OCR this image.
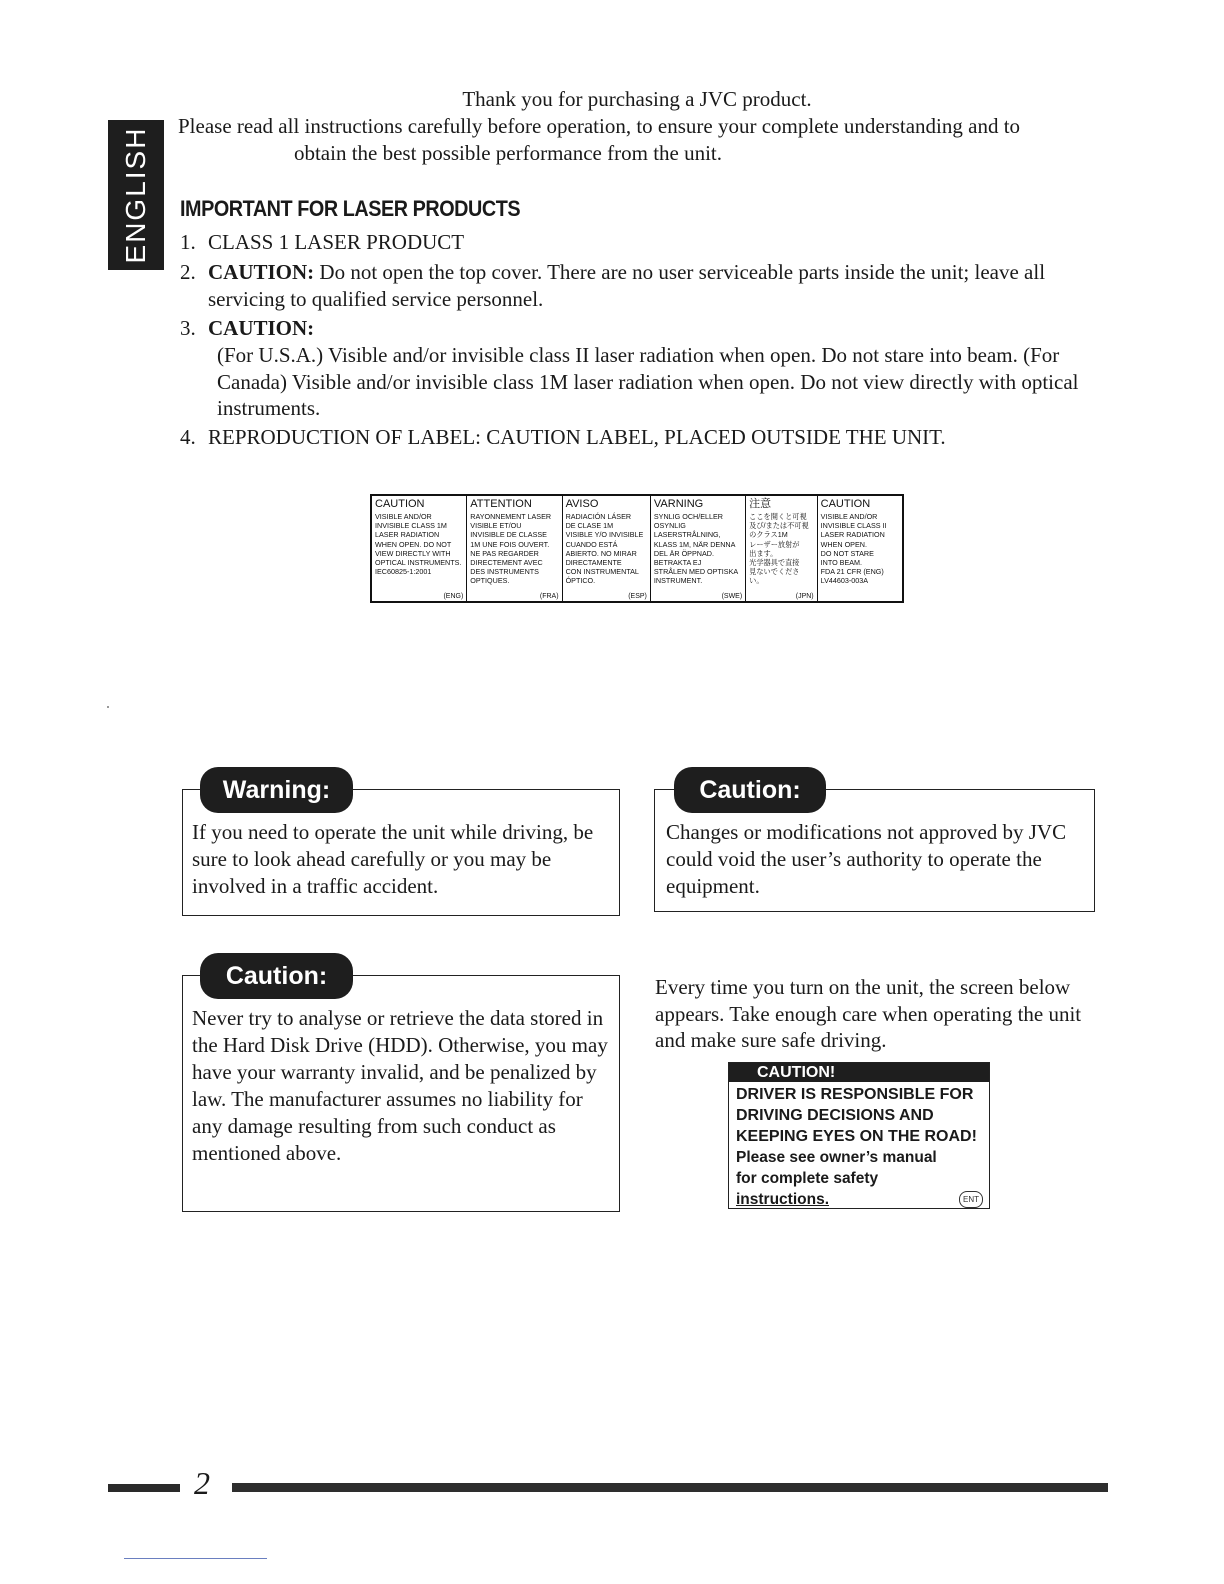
ENGLISH
Thank you for purchasing a JVC product.
Please read all instructions carefully before operation, to ensure your complete understanding and to
obtain the best possible performance from the unit.
IMPORTANT FOR LASER PRODUCTS
1. CLASS 1 LASER PRODUCT
2. CAUTION: Do not open the top cover. There are no user serviceable parts inside the unit; leave all servicing to qualified service personnel.
3. CAUTION:
(For U.S.A.) Visible and/or invisible class II laser radiation when open. Do not stare into beam. (For Canada) Visible and/or invisible class 1M laser radiation when open. Do not view directly with optical instruments.
4. REPRODUCTION OF LABEL: CAUTION LABEL, PLACED OUTSIDE THE UNIT.
CAUTION
VISIBLE AND/OR
INVISIBLE CLASS 1M
LASER RADIATION
WHEN OPEN. DO NOT
VIEW DIRECTLY WITH
OPTICAL INSTRUMENTS.
IEC60825-1:2001
(ENG)
ATTENTION
RAYONNEMENT LASER
VISIBLE ET/OU
INVISIBLE DE CLASSE
1M UNE FOIS OUVERT.
NE PAS REGARDER
DIRECTEMENT AVEC
DES INSTRUMENTS
OPTIQUES.
(FRA)
AVISO
RADIACIÓN LÁSER
DE CLASE 1M
VISIBLE Y/O INVISIBLE
CUANDO ESTÁ
ABIERTO. NO MIRAR
DIRECTAMENTE
CON INSTRUMENTAL
ÓPTICO.
(ESP)
VARNING
SYNLIG OCH/ELLER
OSYNLIG
LASERSTRÅLNING,
KLASS 1M, NÄR DENNA
DEL ÄR ÖPPNAD.
BETRAKTA EJ
STRÅLEN MED OPTISKA
INSTRUMENT.
(SWE)
注意
ここを開くと可視
及び/または不可視
のクラス1M
レーザー放射が
出ます。
光学器具で直接
見ないでください。
(JPN)
CAUTION
VISIBLE AND/OR
INVISIBLE CLASS II
LASER RADIATION
WHEN OPEN.
DO NOT STARE
INTO BEAM.
FDA 21 CFR (ENG)
LV44603-003A
Warning:
If you need to operate the unit while driving, be sure to look ahead carefully or you may be involved in a traffic accident.
Caution:
Changes or modifications not approved by JVC could void the user’s authority to operate the equipment.
Caution:
Never try to analyse or retrieve the data stored in the Hard Disk Drive (HDD). Otherwise, you may have your warranty invalid, and be penalized by law. The manufacturer assumes no liability for any damage resulting from such conduct as mentioned above.
Every time you turn on the unit, the screen below appears. Take enough care when operating the unit and make sure safe driving.
CAUTION!
DRIVER IS RESPONSIBLE FOR
DRIVING DECISIONS AND
KEEPING EYES ON THE ROAD!
Please see owner’s manual
for complete safety
instructions.	ENT
2
